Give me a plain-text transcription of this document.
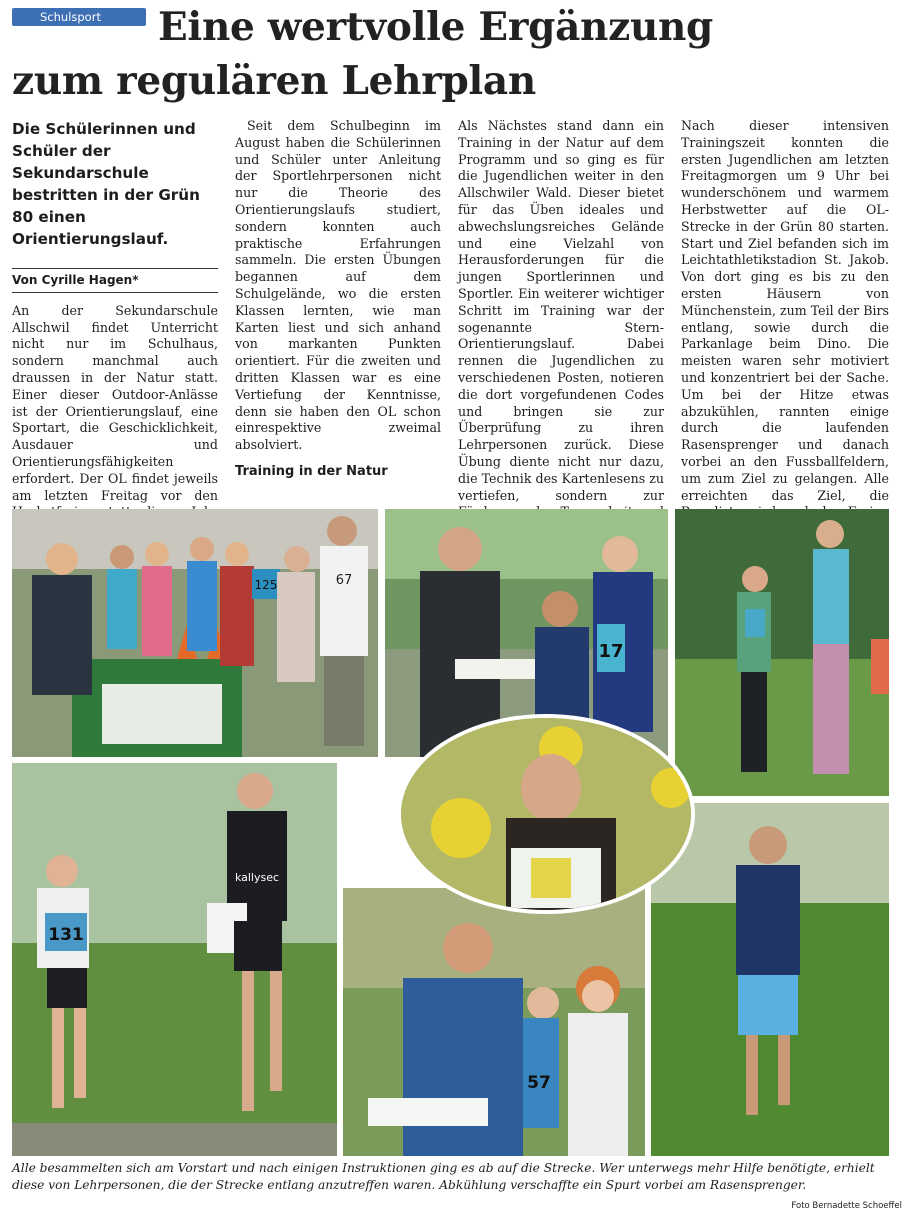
Schulsport	Eine wertvolle Ergänzung
zum regulären Lehrplan

Die Schülerinnen und Schüler der Sekundarschule bestritten in der Grün 80 einen Orientierungslauf.

Von Cyrille Hagen*

An der Sekundarschule Allschwil findet Unterricht nicht nur im Schulhaus, sondern manchmal auch draussen in der Natur statt. Einer dieser Outdoor-Anlässe ist der Orientierungslauf, eine Sportart, die Geschicklichkeit, Ausdauer und Orientierungsfähigkeiten erfordert. Der OL findet jeweils am letzten Freitag vor den

Seit dem Schulbeginn im August haben die Schülerinnen und Schüler unter Anleitung der Sportlehrpersonen nicht nur die Theorie des Orientierungslaufs studiert, sondern konnten auch praktische Erfahrungen sammeln. Die ersten Übungen begannen auf dem Schulgelände, wo die ersten Klassen lernten, wie man Karten liest und sich anhand von markanten Punkten orientiert. Für die zweiten und dritten Klassen war es eine Vertiefung der Kenntnisse, denn sie haben den OL schon einrespektive zweimal absolviert.

Training in der Natur

Als Nächstes stand dann ein Training in der Natur auf dem Programm und so ging es für die Jugendlichen weiter in den Allschwiler Wald. Dieser bietet für das Üben ideales und abwechslungsreiches Gelände und eine Vielzahl von Herausforderungen für die jungen Sportlerinnen und Sportler. Ein weiterer wichtiger Schritt im Training war der sogenannte Stern-Orientierungslauf. Dabei rennen die Jugendlichen zu verschiedenen Posten, notieren die dort vorgefundenen Codes und bringen sie zur Überprüfung zu ihren Lehrpersonen zurück. Diese Übung diente nicht nur dazu, die Technik des Kartenlesens zu vertiefen, sondern zur

Nach dieser intensiven Trainingszeit konnten die ersten Jugendlichen am letzten Freitagmorgen um 9 Uhr bei wunderschönem und warmem Herbstwetter auf die OL-Strecke in der Grün 80 starten. Start und Ziel befanden sich im Leichtathletikstadion St. Jakob. Von dort ging es bis zu den ersten Häusern von Münchenstein, zum Teil der Birs entlang, sowie durch die Parkanlage beim Dino. Die meisten waren sehr motiviert und konzentriert bei der Sache. Um bei der Hitze etwas abzukühlen, rannten einige durch die laufenden Rasensprenger und danach vorbei an den Fussballfeldern, um zum Ziel zu gelangen. Alle erreichten das Ziel, die

125	67
17
131
kallysec
57
Alle besammelten sich am Vorstart und nach einigen Instruktionen ging es ab auf die Strecke. Wer unterwegs mehr Hilfe benötigte, erhielt diese von Lehrpersonen, die der Strecke entlang anzutreffen waren. Abkühlung verschaffte ein Spurt vorbei am Rasensprenger.
Foto Bernadette Schoeffel
